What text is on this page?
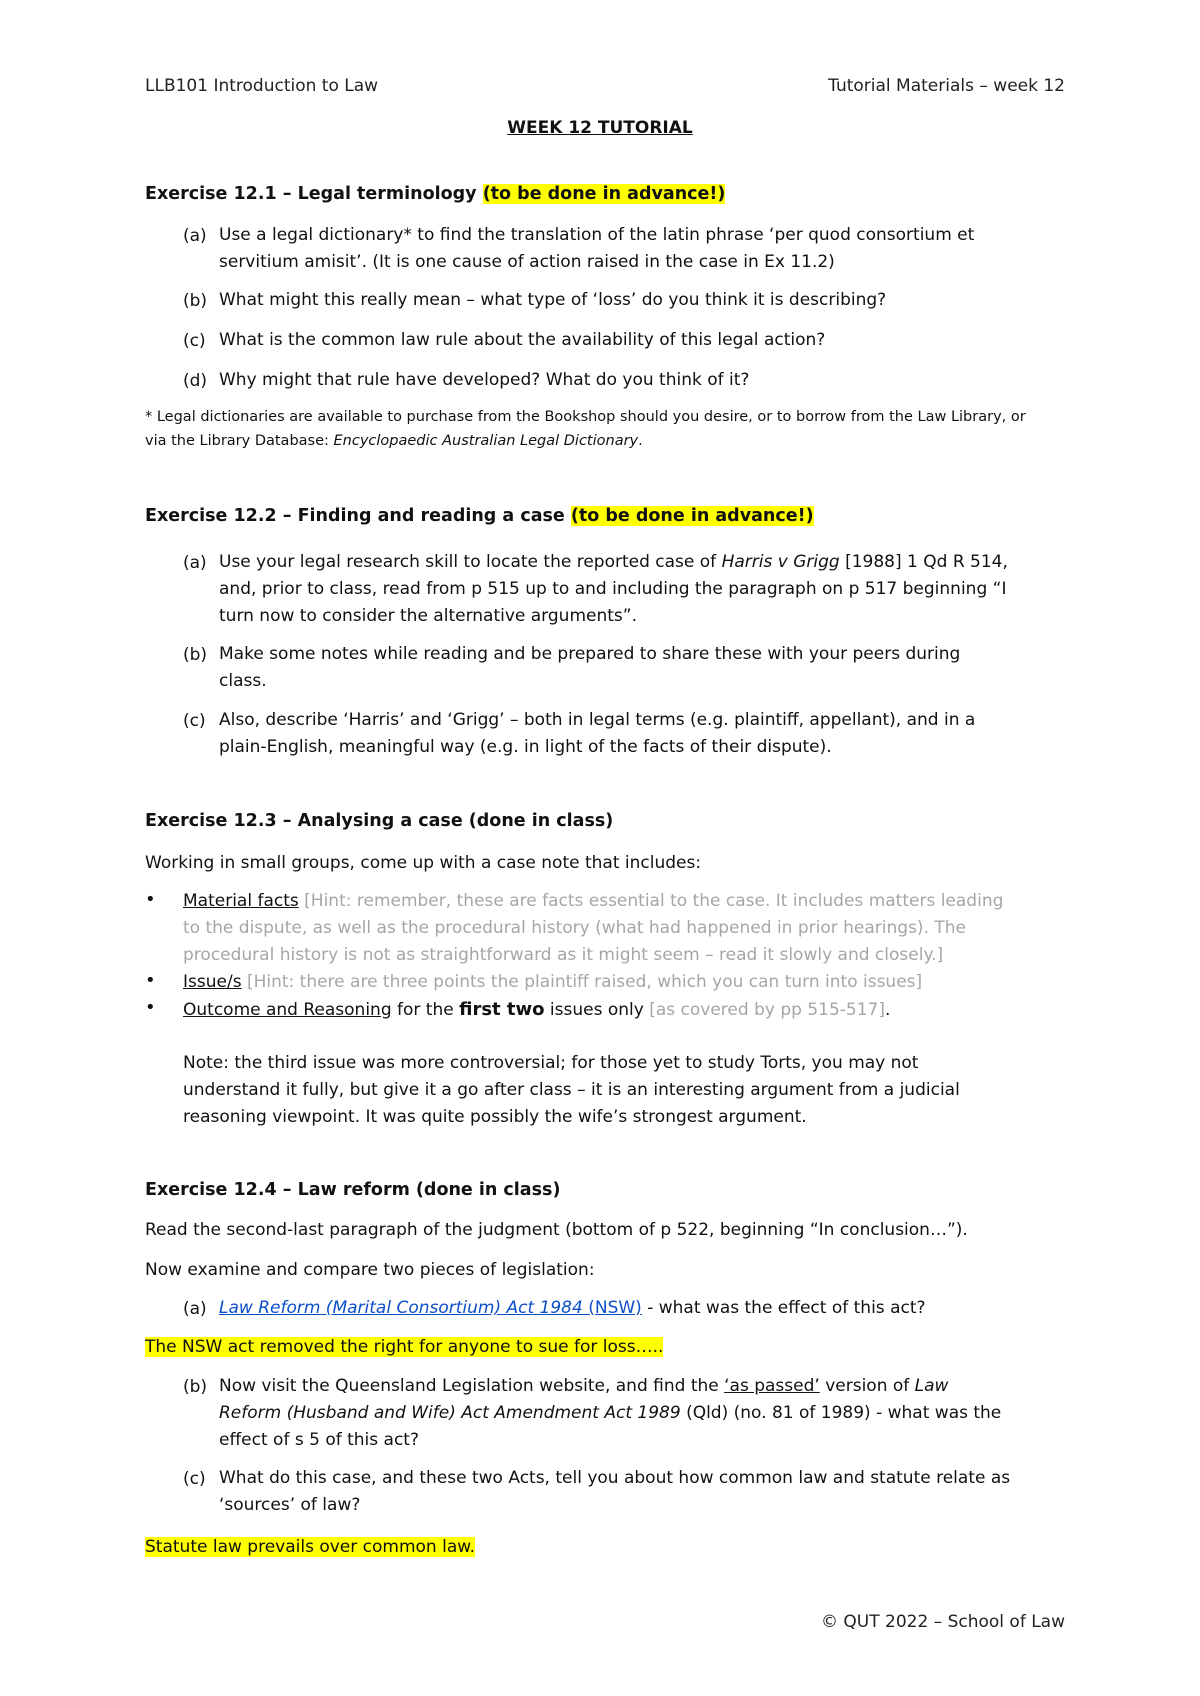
LLB101 Introduction to Law	Tutorial Materials – week 12
WEEK 12 TUTORIAL
Exercise 12.1 – Legal terminology (to be done in advance!)
(a) Use a legal dictionary* to find the translation of the latin phrase ‘per quod consortium et
servitium amisit’. (It is one cause of action raised in the case in Ex 11.2)
(b) What might this really mean – what type of ‘loss’ do you think it is describing?
(c) What is the common law rule about the availability of this legal action?
(d) Why might that rule have developed? What do you think of it?
* Legal dictionaries are available to purchase from the Bookshop should you desire, or to borrow from the Law Library, or
via the Library Database: Encyclopaedic Australian Legal Dictionary.
Exercise 12.2 – Finding and reading a case (to be done in advance!)
(a) Use your legal research skill to locate the reported case of Harris v Grigg [1988] 1 Qd R 514,
and, prior to class, read from p 515 up to and including the paragraph on p 517 beginning “I
turn now to consider the alternative arguments”.
(b) Make some notes while reading and be prepared to share these with your peers during
class.
(c) Also, describe ‘Harris’ and ‘Grigg’ – both in legal terms (e.g. plaintiff, appellant), and in a
plain-English, meaningful way (e.g. in light of the facts of their dispute).
Exercise 12.3 – Analysing a case (done in class)
Working in small groups, come up with a case note that includes:
• Material facts [Hint: remember, these are facts essential to the case. It includes matters leading
to the dispute, as well as the procedural history (what had happened in prior hearings). The
procedural history is not as straightforward as it might seem – read it slowly and closely.]
• Issue/s [Hint: there are three points the plaintiff raised, which you can turn into issues]
• Outcome and Reasoning for the first two issues only [as covered by pp 515-517].
Note: the third issue was more controversial; for those yet to study Torts, you may not
understand it fully, but give it a go after class – it is an interesting argument from a judicial
reasoning viewpoint. It was quite possibly the wife’s strongest argument.
Exercise 12.4 – Law reform (done in class)
Read the second-last paragraph of the judgment (bottom of p 522, beginning “In conclusion…”).
Now examine and compare two pieces of legislation:
(a) Law Reform (Marital Consortium) Act 1984 (NSW) - what was the effect of this act?
The NSW act removed the right for anyone to sue for loss…..
(b) Now visit the Queensland Legislation website, and find the ‘as passed’ version of Law
Reform (Husband and Wife) Act Amendment Act 1989 (Qld) (no. 81 of 1989) - what was the
effect of s 5 of this act?
(c) What do this case, and these two Acts, tell you about how common law and statute relate as
‘sources’ of law?
Statute law prevails over common law.
© QUT 2022 – School of Law
